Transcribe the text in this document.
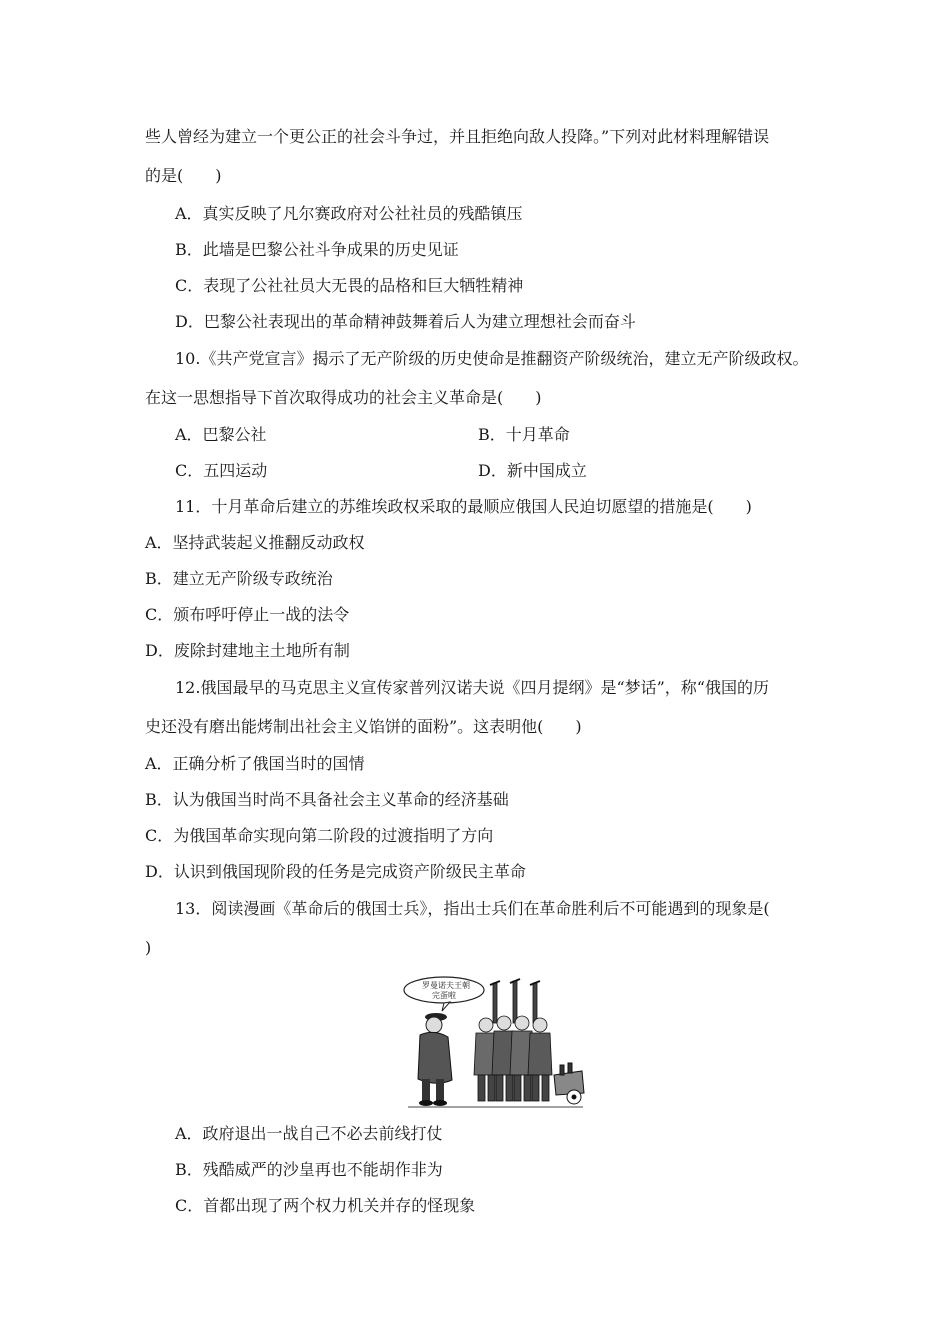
些人曾经为建立一个更公正的社会斗争过，并且拒绝向敌人投降。”下列对此材料理解错误
的是(　　)
A．真实反映了凡尔赛政府对公社社员的残酷镇压
B．此墙是巴黎公社斗争成果的历史见证
C．表现了公社社员大无畏的品格和巨大牺牲精神
D．巴黎公社表现出的革命精神鼓舞着后人为建立理想社会而奋斗
10.《共产党宣言》揭示了无产阶级的历史使命是推翻资产阶级统治，建立无产阶级政权。
在这一思想指导下首次取得成功的社会主义革命是(　　)
A．巴黎公社	B．十月革命
C．五四运动	D．新中国成立
11．十月革命后建立的苏维埃政权采取的最顺应俄国人民迫切愿望的措施是(　　)
A．坚持武装起义推翻反动政权
B．建立无产阶级专政统治
C．颁布呼吁停止一战的法令
D．废除封建地主土地所有制
12.俄国最早的马克思主义宣传家普列汉诺夫说《四月提纲》是“梦话”，称“俄国的历
史还没有磨出能烤制出社会主义馅饼的面粉”。这表明他(　　)
A．正确分析了俄国当时的国情
B．认为俄国当时尚不具备社会主义革命的经济基础
C．为俄国革命实现向第二阶段的过渡指明了方向
D．认识到俄国现阶段的任务是完成资产阶级民主革命
13．阅读漫画《革命后的俄国士兵》，指出士兵们在革命胜利后不可能遇到的现象是(
)
罗曼诺夫王朝
完蛋啦
A．政府退出一战自己不必去前线打仗
B．残酷威严的沙皇再也不能胡作非为
C．首都出现了两个权力机关并存的怪现象
